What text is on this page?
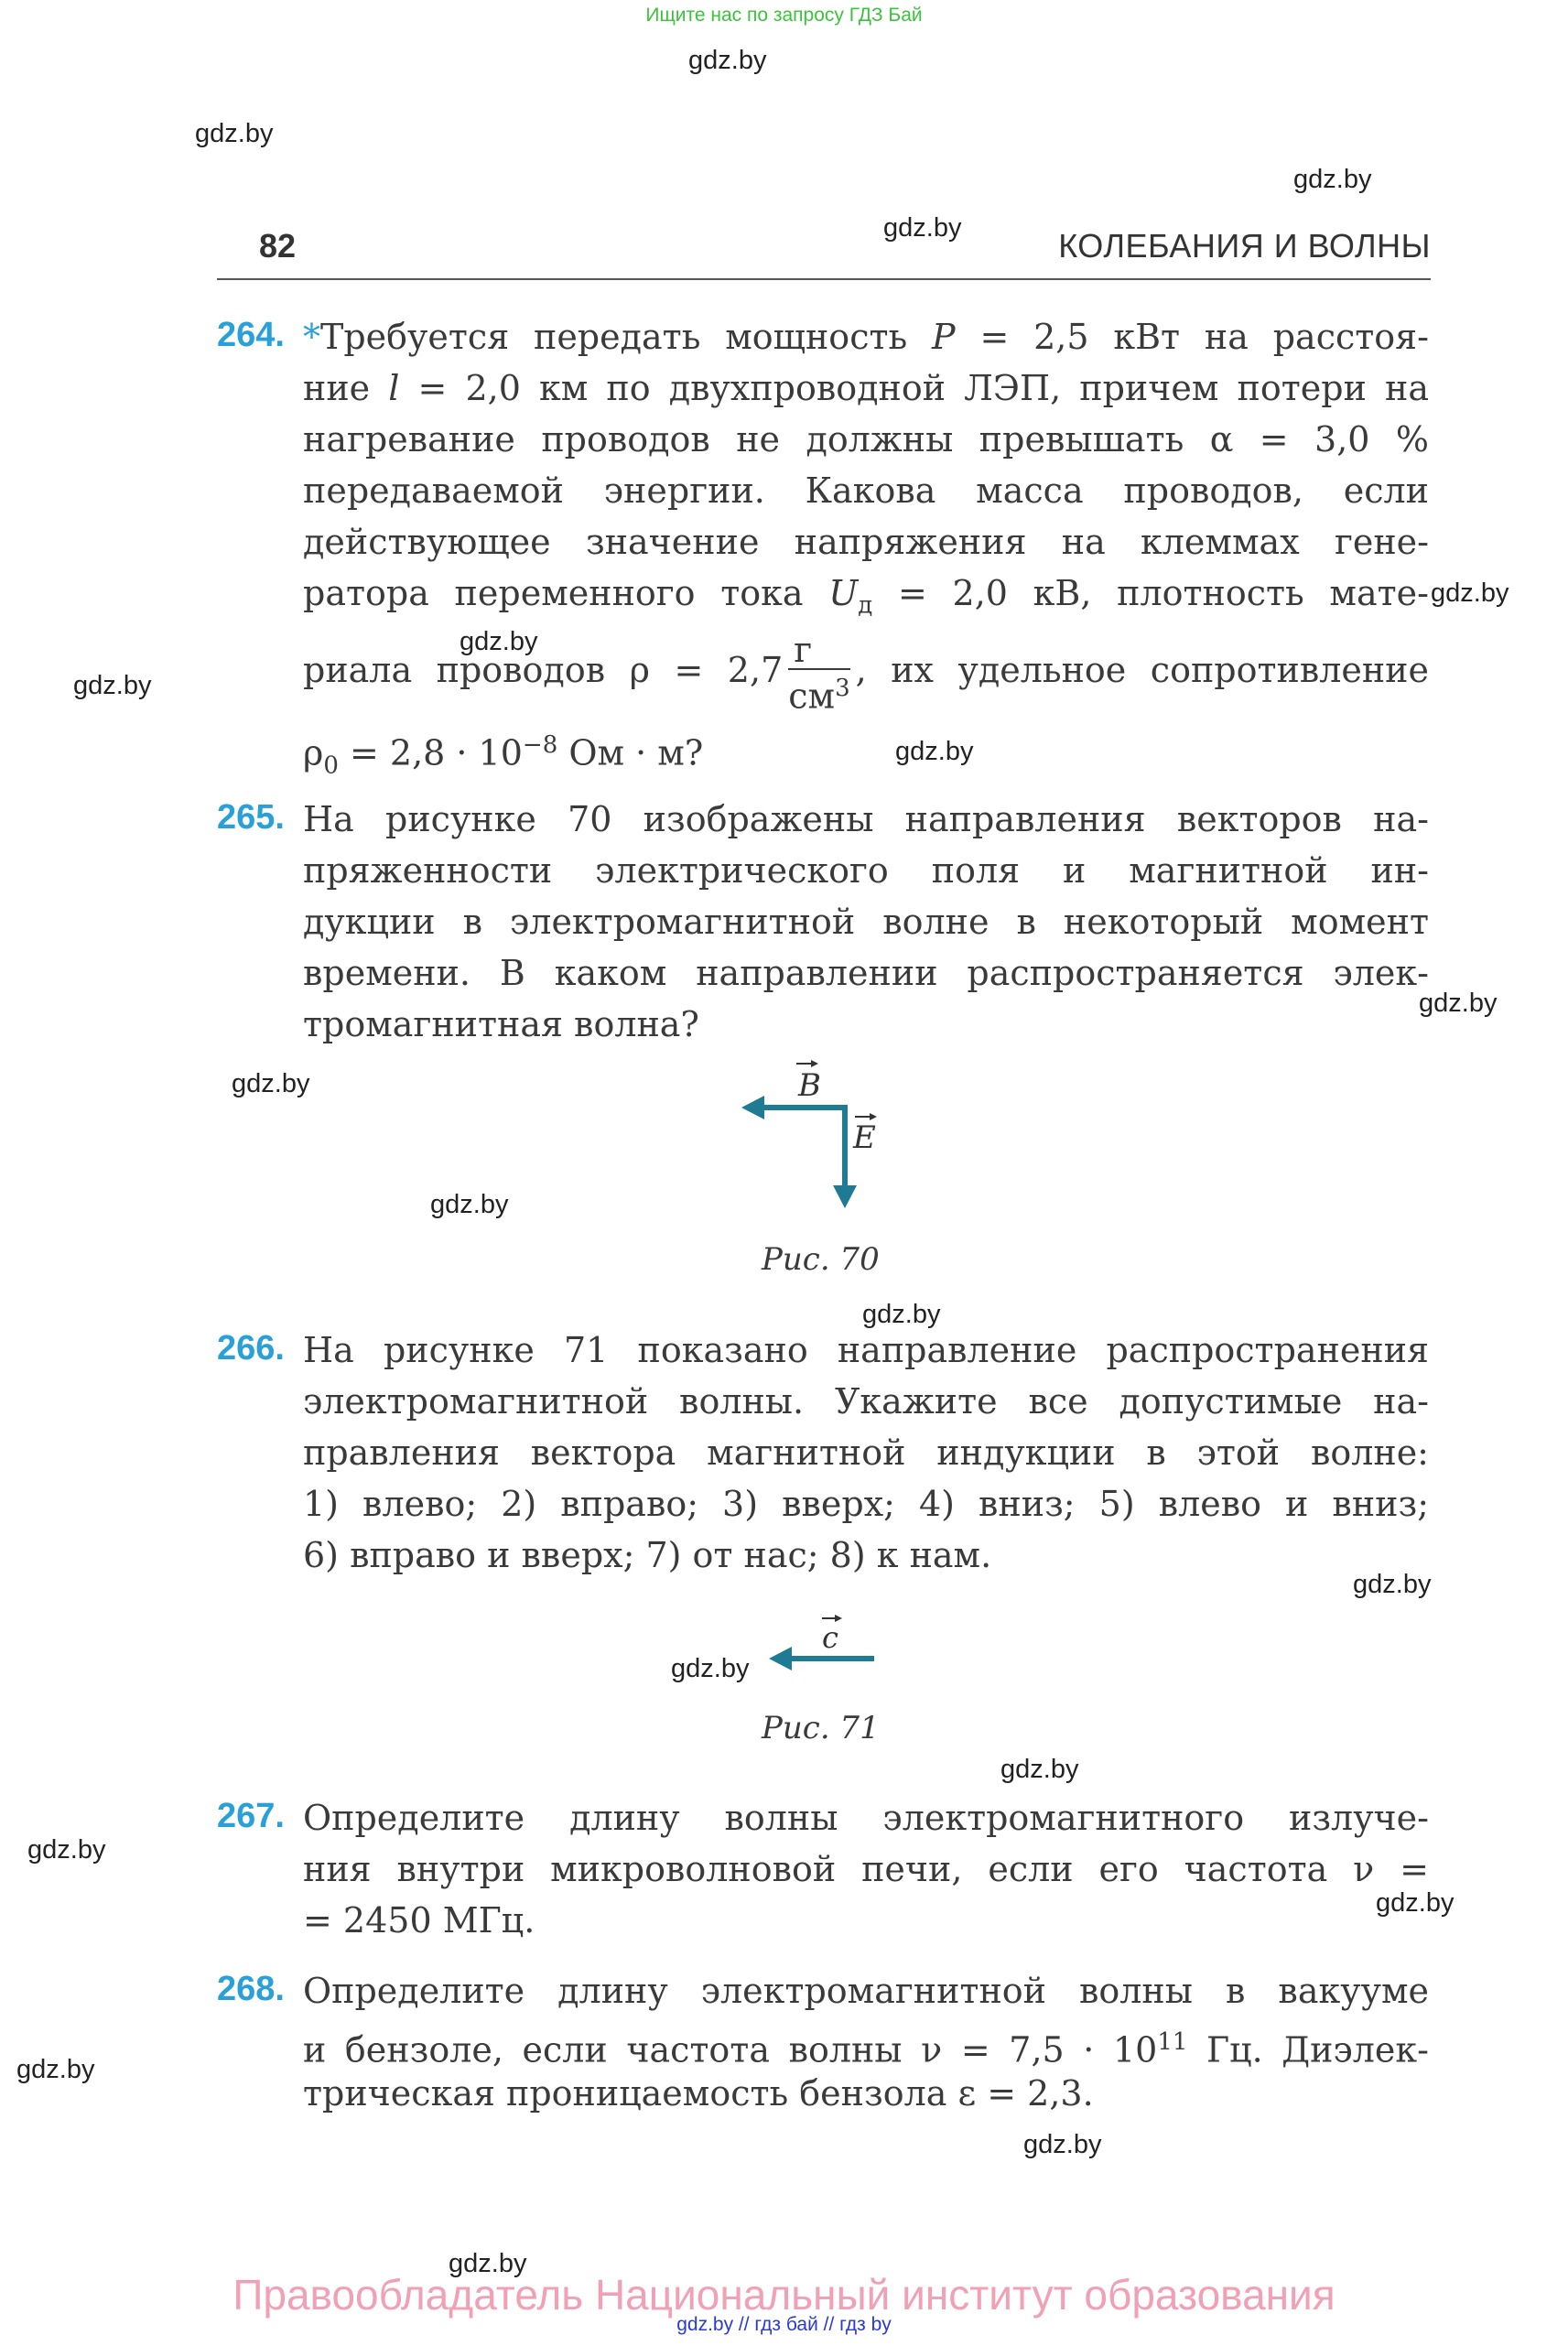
Ищите нас по запросу ГДЗ Бай
gdz.by
gdz.by
gdz.by
gdz.by
gdz.by
gdz.by
gdz.by
gdz.by
gdz.by
gdz.by
gdz.by
gdz.by
gdz.by
gdz.by
gdz.by
gdz.by
gdz.by
gdz.by
gdz.by
gdz.by
82	КОЛЕБАНИЯ И ВОЛНЫ
264. *Требуется передать мощность P = 2,5 кВт на расстоя-
ние l = 2,0 км по двухпроводной ЛЭП, причем потери на
нагревание проводов не должны превышать α = 3,0 %
передаваемой энергии. Какова масса проводов, если
действующее значение напряжения на клеммах гене-
ратора переменного тока $U_д = 2,0$ кВ, плотность мате-
риала проводов $\rho = 2,7 \frac{г}{см^3}$ , их удельное сопротивление
$\rho_0 = 2,8 \cdot 10^{-8}$ Ом · м?
265. На рисунке 70 изображены направления векторов на-
пряженности электрического поля и магнитной ин-
дукции в электромагнитной волне в некоторый момент
времени. В каком направлении распространяется элек-
тромагнитная волна?
B
E
Рис. 70
266. На рисунке 71 показано направление распространения
электромагнитной волны. Укажите все допустимые на-
правления вектора магнитной индукции в этой волне:
1) влево; 2) вправо; 3) вверх; 4) вниз; 5) влево и вниз;
6) вправо и вверх; 7) от нас; 8) к нам.
c
Рис. 71
267. Определите длину волны электромагнитного излуче-
ния внутри микроволновой печи, если его частота ν =
= 2450 МГц.
268. Определите длину электромагнитной волны в вакууме
и бензоле, если частота волны $\nu = 7,5 \cdot 10^{11}$ Гц. Диэлек-
трическая проницаемость бензола ε = 2,3.
Правообладатель Национальный институт образования
gdz.by // гдз бай // гдз by
